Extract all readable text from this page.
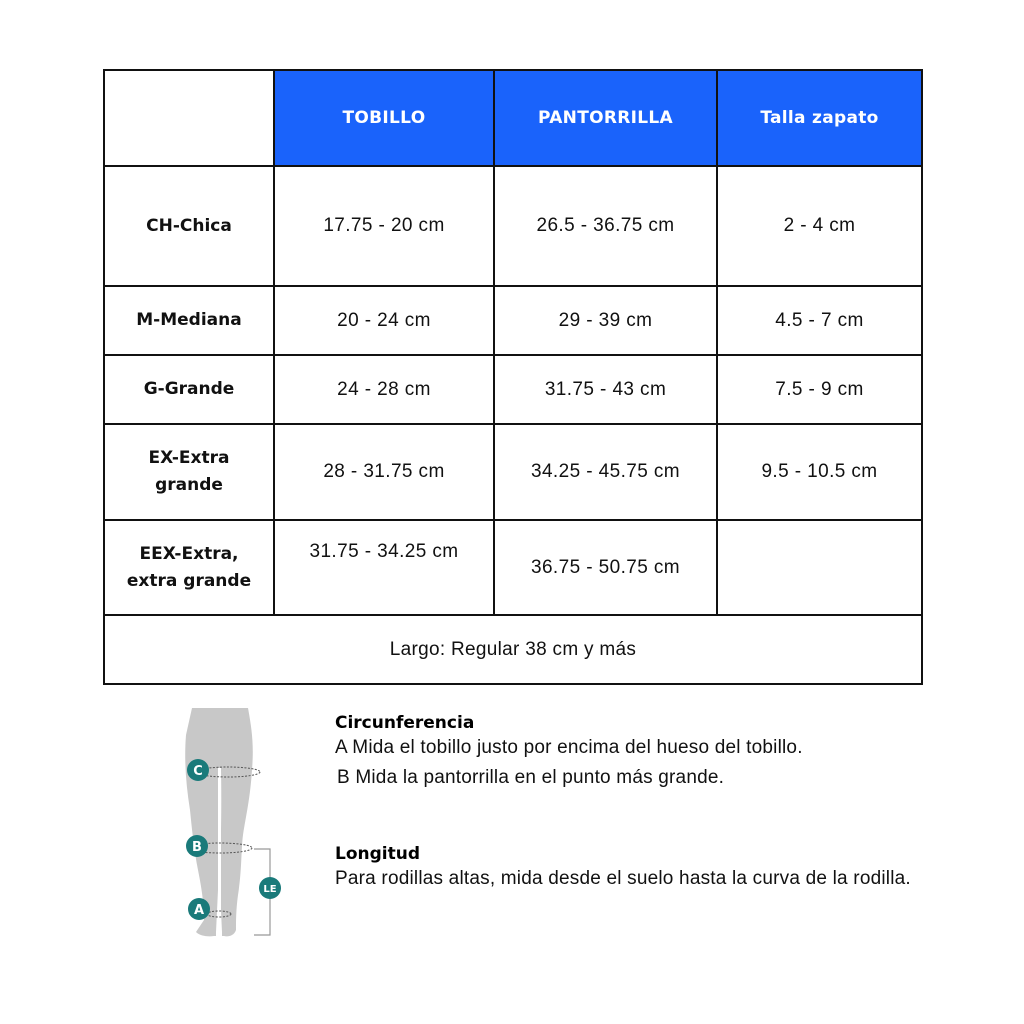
	TOBILLO	PANTORRILLA	Talla zapato
CH-Chica	17.75 - 20 cm	26.5 - 36.75 cm	2 - 4 cm
M-Mediana	20 - 24 cm	29 - 39 cm	4.5 - 7 cm
G-Grande	24 - 28 cm	31.75 - 43 cm	7.5 - 9 cm

EX-Extra
grande	28 - 31.75 cm	34.25 - 45.75 cm	9.5 - 10.5 cm

EEX-Extra,
extra grande	31.75 - 34.25 cm	36.75 - 50.75 cm	
Largo: Regular 38 cm y más			
C
B
A
LE
Circunferencia

A Mida el tobillo justo por encima del hueso del tobillo.

B Mida la pantorrilla en el punto más grande.

Longitud

Para rodillas altas, mida desde el suelo hasta la curva de la rodilla.
